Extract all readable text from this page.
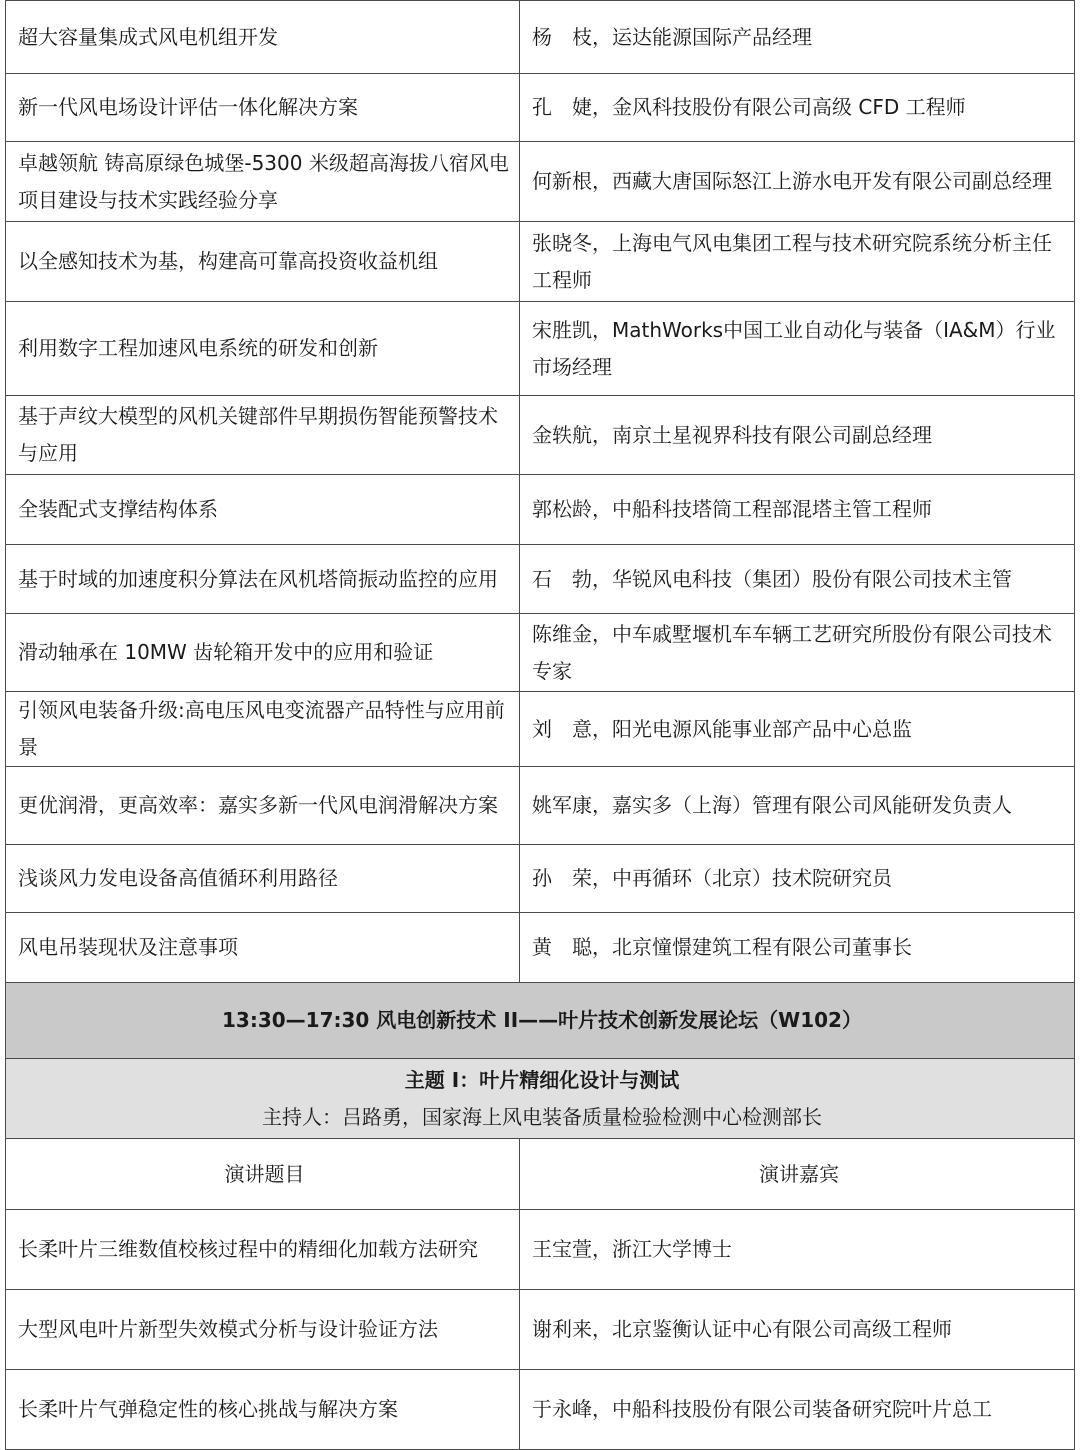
超大容量集成式风电机组开发	杨　枝，运达能源国际产品经理
新一代风电场设计评估一体化解决方案	孔　婕，金风科技股份有限公司高级 CFD 工程师
卓越领航 铸高原绿色城堡-5300 米级超高海拔八宿风电项目建设与技术实践经验分享	何新根，西藏大唐国际怒江上游水电开发有限公司副总经理
以全感知技术为基，构建高可靠高投资收益机组	张晓冬，上海电气风电集团工程与技术研究院系统分析主任工程师
利用数字工程加速风电系统的研发和创新	宋胜凯，MathWorks中国工业自动化与装备（IA&M）行业市场经理
基于声纹大模型的风机关键部件早期损伤智能预警技术与应用	金轶航，南京土星视界科技有限公司副总经理
全装配式支撑结构体系	郭松龄，中船科技塔筒工程部混塔主管工程师
基于时域的加速度积分算法在风机塔筒振动监控的应用	石　勃，华锐风电科技（集团）股份有限公司技术主管
滑动轴承在 10MW 齿轮箱开发中的应用和验证	陈维金，中车戚墅堰机车车辆工艺研究所股份有限公司技术专家
引领风电装备升级:高电压风电变流器产品特性与应用前景	刘　意，阳光电源风能事业部产品中心总监
更优润滑，更高效率：嘉实多新一代风电润滑解决方案	姚军康，嘉实多（上海）管理有限公司风能研发负责人
浅谈风力发电设备高值循环利用路径	孙　荣，中再循环（北京）技术院研究员
风电吊装现状及注意事项	黄　聪，北京憧憬建筑工程有限公司董事长
13:30—17:30 风电创新技术 II——叶片技术创新发展论坛（W102）	

主题 I：叶片精细化设计与测试
主持人：吕路勇，国家海上风电装备质量检验检测中心检测部长	

演讲题目	演讲嘉宾
长柔叶片三维数值校核过程中的精细化加载方法研究	王宝萱，浙江大学博士
大型风电叶片新型失效模式分析与设计验证方法	谢利来，北京鉴衡认证中心有限公司高级工程师
长柔叶片气弹稳定性的核心挑战与解决方案	于永峰，中船科技股份有限公司装备研究院叶片总工
